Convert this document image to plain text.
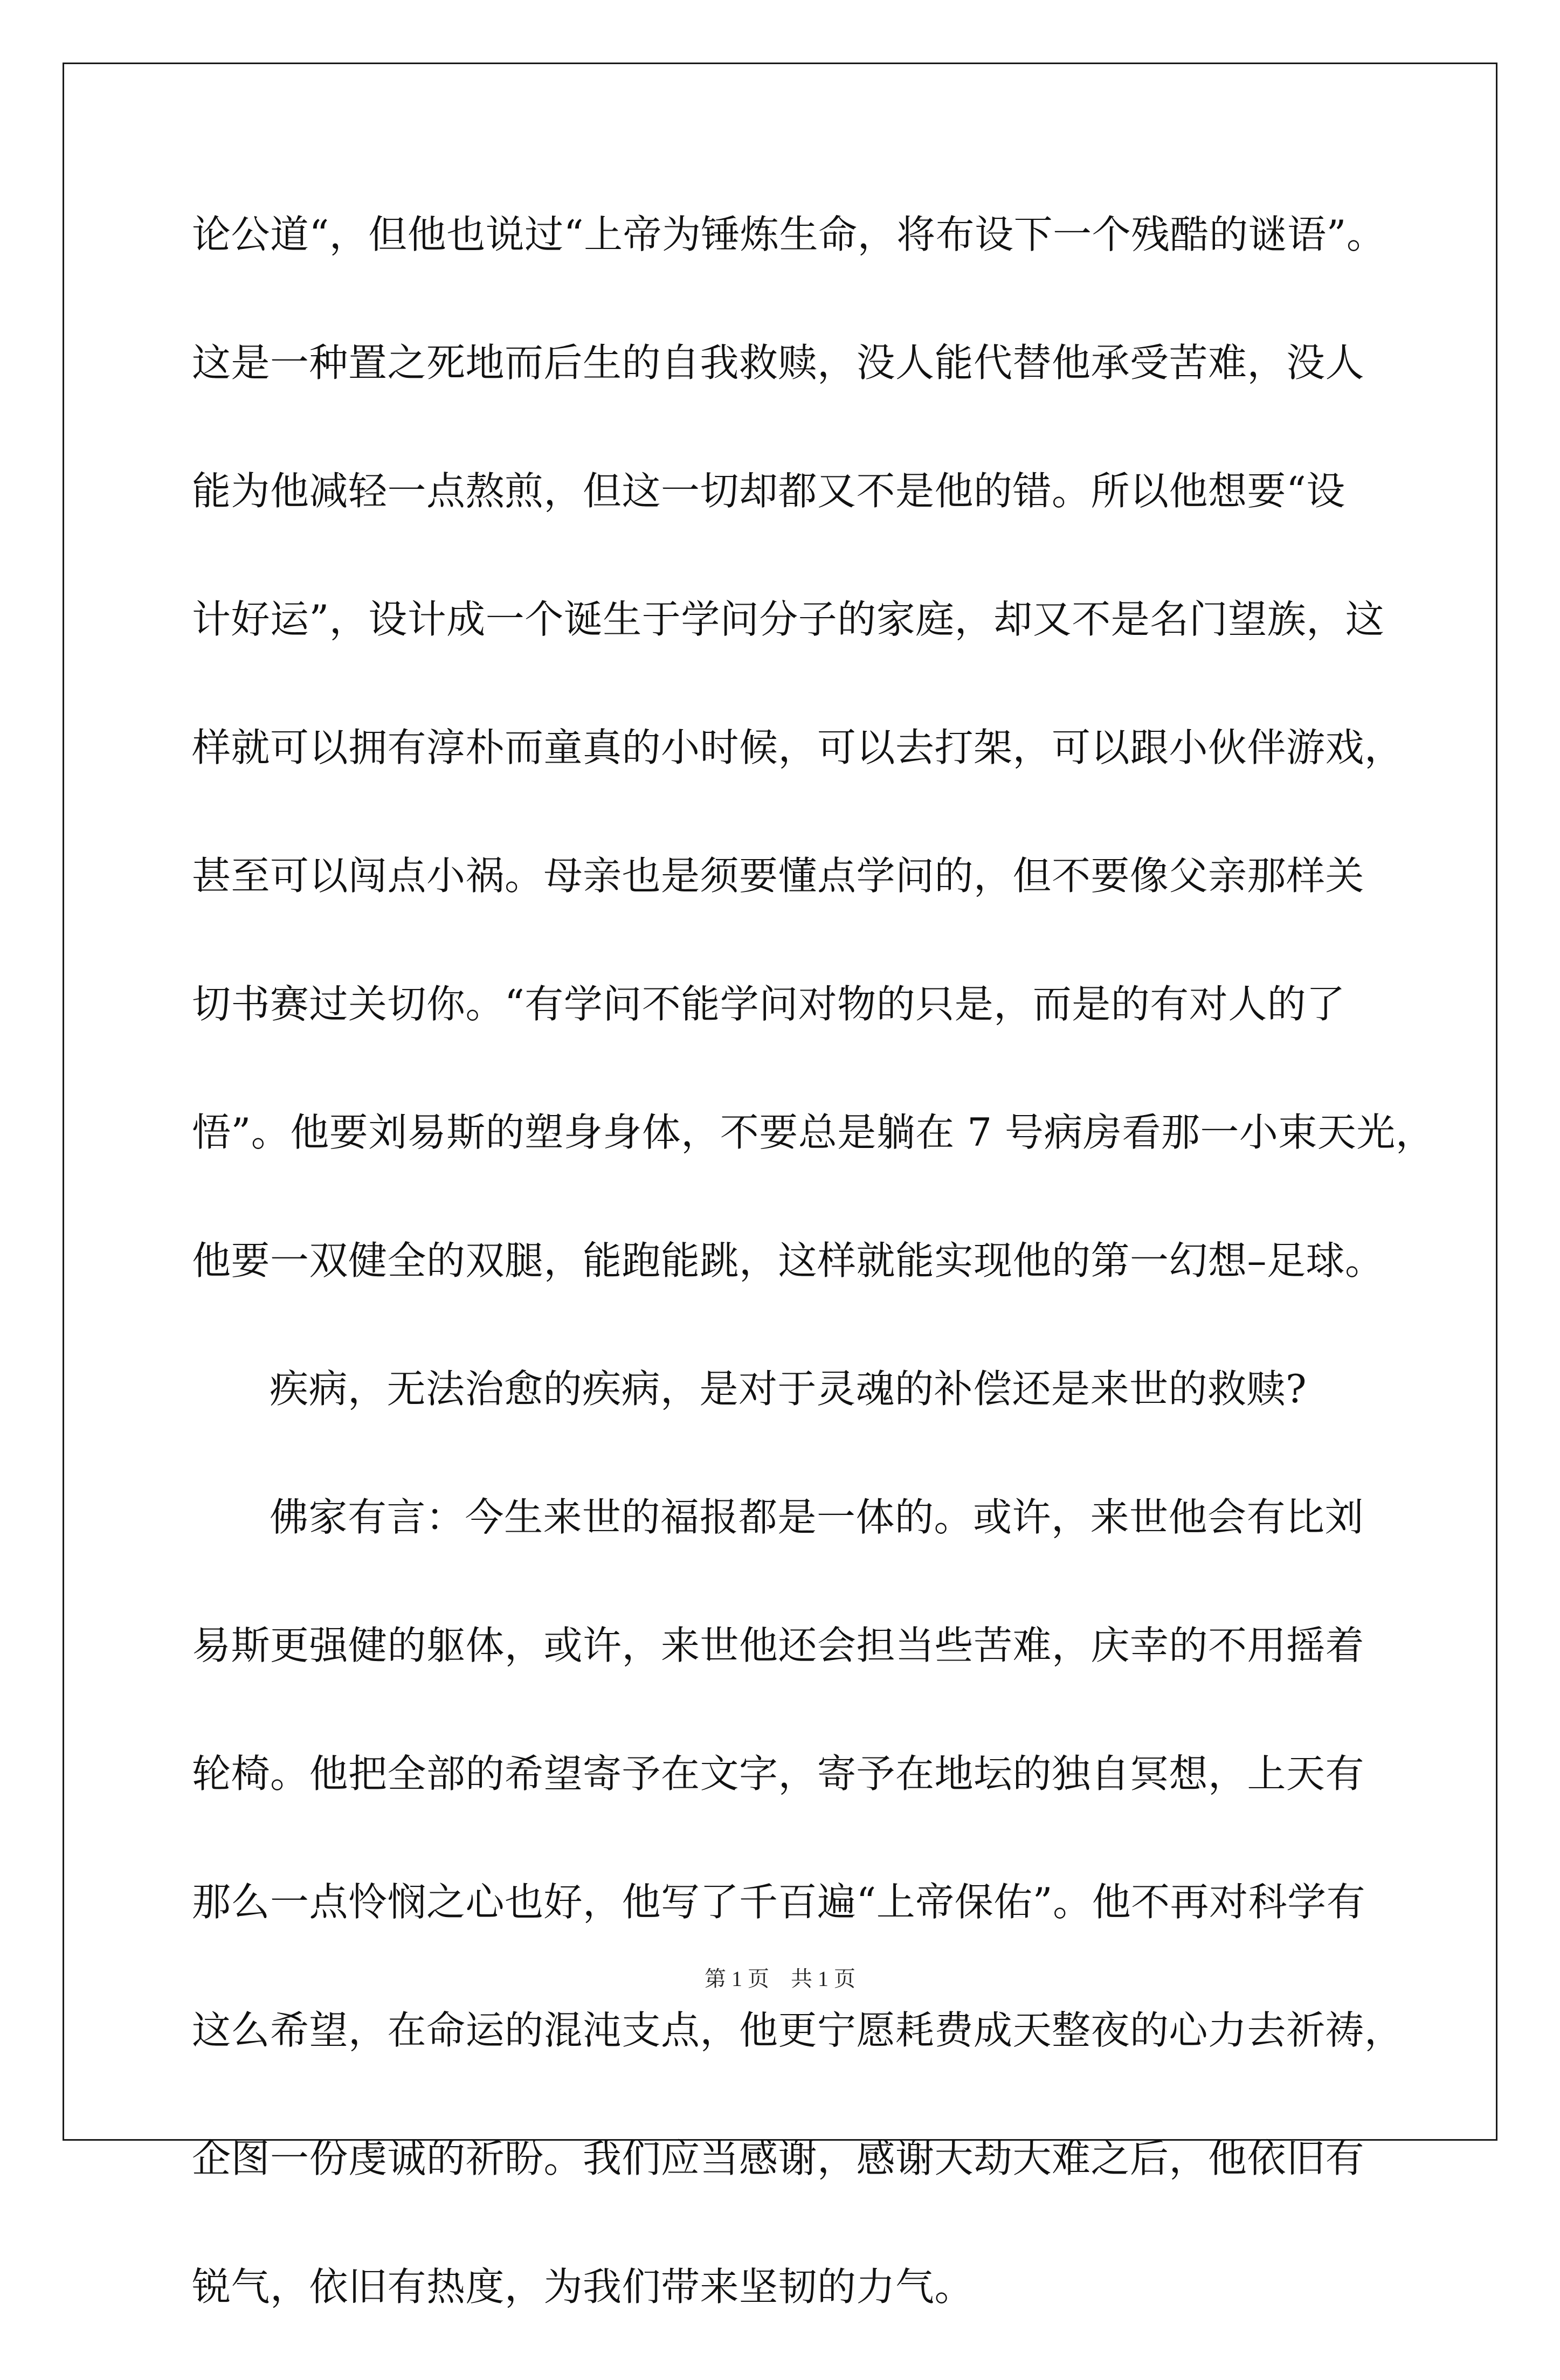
论公道“，但他也说过“上帝为锤炼生命，将布设下一个残酷的谜语”。
这是一种置之死地而后生的自我救赎，没人能代替他承受苦难，没人
能为他减轻一点熬煎，但这一切却都又不是他的错。所以他想要“设
计好运”，设计成一个诞生于学问分子的家庭，却又不是名门望族，这
样就可以拥有淳朴而童真的小时候，可以去打架，可以跟小伙伴游戏，
甚至可以闯点小祸。母亲也是须要懂点学问的，但不要像父亲那样关
切书赛过关切你。“有学问不能学问对物的只是，而是的有对人的了
悟”。他要刘易斯的塑身身体，不要总是躺在 7 号病房看那一小束天光，
他要一双健全的双腿，能跑能跳，这样就能实现他的第一幻想–足球。
疾病，无法治愈的疾病，是对于灵魂的补偿还是来世的救赎?
佛家有言：今生来世的福报都是一体的。或许，来世他会有比刘
易斯更强健的躯体，或许，来世他还会担当些苦难，庆幸的不用摇着
轮椅。他把全部的希望寄予在文字，寄予在地坛的独自冥想，上天有
那么一点怜悯之心也好，他写了千百遍“上帝保佑”。他不再对科学有
这么希望，在命运的混沌支点，他更宁愿耗费成天整夜的心力去祈祷，
企图一份虔诚的祈盼。我们应当感谢，感谢大劫大难之后，他依旧有
锐气，依旧有热度，为我们带来坚韧的力气。
第 1 页　共 1 页
